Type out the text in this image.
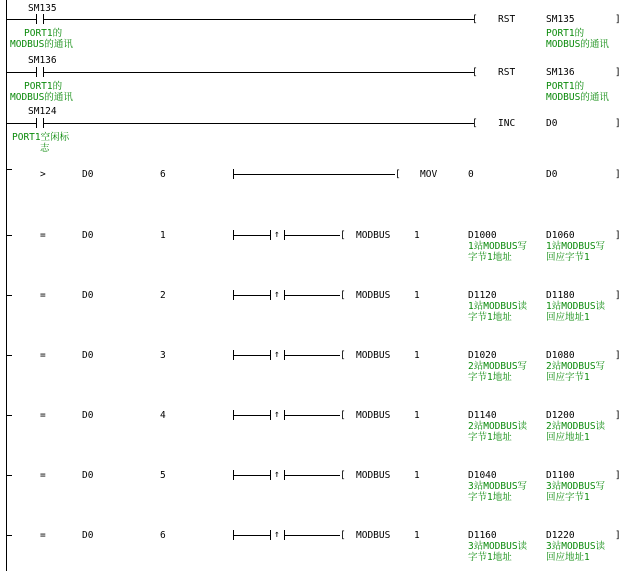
SM135
[ RST	SM135	]
PORT1的
MODBUS的通讯
PORT1的
MODBUS的通讯
SM136
[ RST	SM136	]
PORT1的
MODBUS的通讯
PORT1的
MODBUS的通讯
SM124
[ INC	D0	]
PORT1空闲标
志
>	D0	6	[ MOV	0	D0	]
=	D0	1	↑	[ MODBUS 1	D1000
1站MODBUS写
字节1地址
D1060
1站MODBUS写
回应字节1
]
=	D0	2	↑	[ MODBUS 1	D1120
1站MODBUS读
字节1地址
D1180
1站MODBUS读
回应地址1
]
=	D0	3	↑	[ MODBUS 1	D1020
2站MODBUS写
字节1地址
D1080
2站MODBUS写
回应字节1
]
=	D0	4	↑	[ MODBUS 1	D1140
2站MODBUS读
字节1地址
D1200
2站MODBUS读
回应地址1
]
=	D0	5	↑	[ MODBUS 1	D1040
3站MODBUS写
字节1地址
D1100
3站MODBUS写
回应字节1
]
=	D0	6	↑	[ MODBUS 1	D1160
3站MODBUS读
字节1地址
D1220
3站MODBUS读
回应地址1
]
